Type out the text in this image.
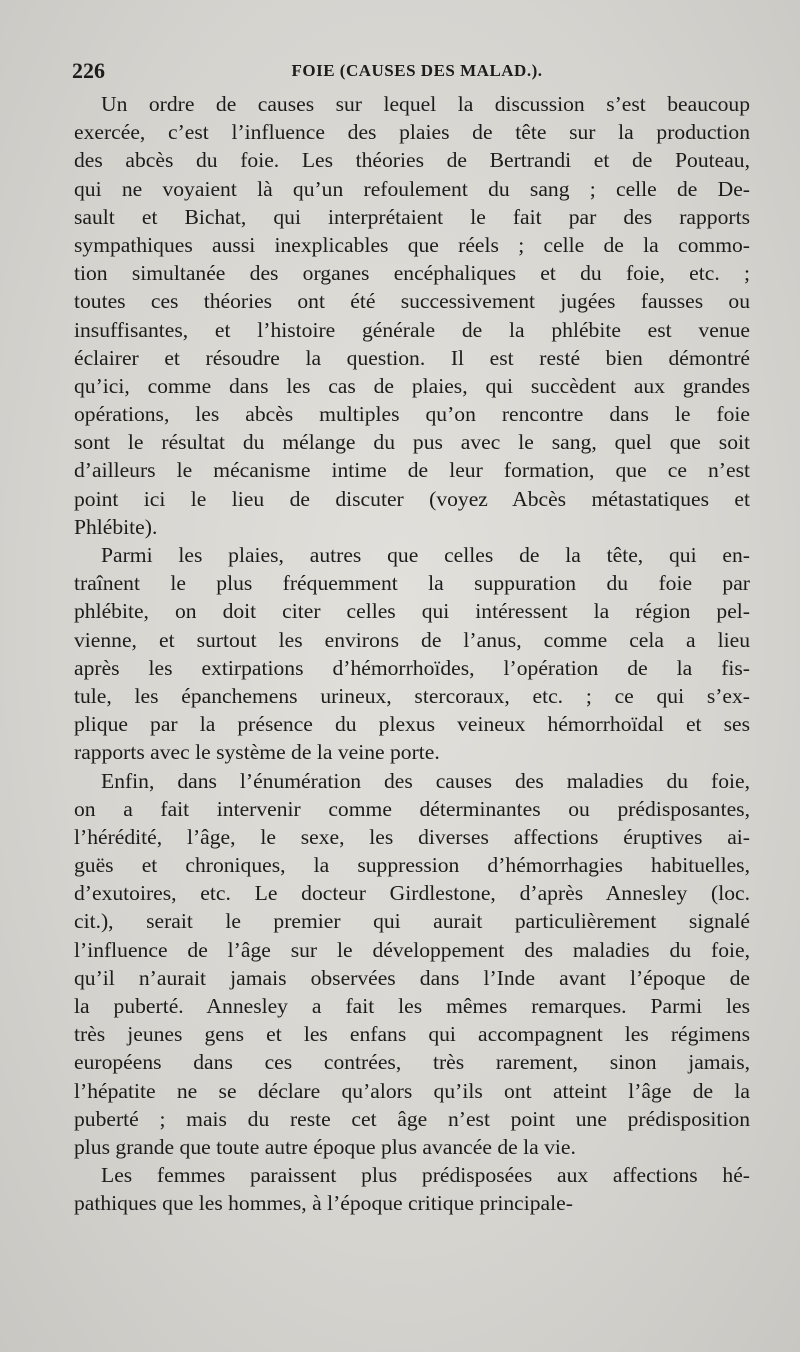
226	FOIE (CAUSES DES MALAD.).
Un ordre de causes sur lequel la discussion s’est beaucoup
exercée, c’est l’influence des plaies de tête sur la production
des abcès du foie. Les théories de Bertrandi et de Pouteau,
qui ne voyaient là qu’un refoulement du sang ; celle de De-
sault et Bichat, qui interprétaient le fait par des rapports
sympathiques aussi inexplicables que réels ; celle de la commo-
tion simultanée des organes encéphaliques et du foie, etc. ;
toutes ces théories ont été successivement jugées fausses ou
insuffisantes, et l’histoire générale de la phlébite est venue
éclairer et résoudre la question. Il est resté bien démontré
qu’ici, comme dans les cas de plaies, qui succèdent aux grandes
opérations, les abcès multiples qu’on rencontre dans le foie
sont le résultat du mélange du pus avec le sang, quel que soit
d’ailleurs le mécanisme intime de leur formation, que ce n’est
point ici le lieu de discuter (voyez Abcès métastatiques et
Phlébite).
Parmi les plaies, autres que celles de la tête, qui en-
traînent le plus fréquemment la suppuration du foie par
phlébite, on doit citer celles qui intéressent la région pel-
vienne, et surtout les environs de l’anus, comme cela a lieu
après les extirpations d’hémorrhoïdes, l’opération de la fis-
tule, les épanchemens urineux, stercoraux, etc. ; ce qui s’ex-
plique par la présence du plexus veineux hémorrhoïdal et ses
rapports avec le système de la veine porte.
Enfin, dans l’énumération des causes des maladies du foie,
on a fait intervenir comme déterminantes ou prédisposantes,
l’hérédité, l’âge, le sexe, les diverses affections éruptives ai-
guës et chroniques, la suppression d’hémorrhagies habituelles,
d’exutoires, etc. Le docteur Girdlestone, d’après Annesley (loc.
cit.), serait le premier qui aurait particulièrement signalé
l’influence de l’âge sur le développement des maladies du foie,
qu’il n’aurait jamais observées dans l’Inde avant l’époque de
la puberté. Annesley a fait les mêmes remarques. Parmi les
très jeunes gens et les enfans qui accompagnent les régimens
européens dans ces contrées, très rarement, sinon jamais,
l’hépatite ne se déclare qu’alors qu’ils ont atteint l’âge de la
puberté ; mais du reste cet âge n’est point une prédisposition
plus grande que toute autre époque plus avancée de la vie.
Les femmes paraissent plus prédisposées aux affections hé-
pathiques que les hommes, à l’époque critique principale-
